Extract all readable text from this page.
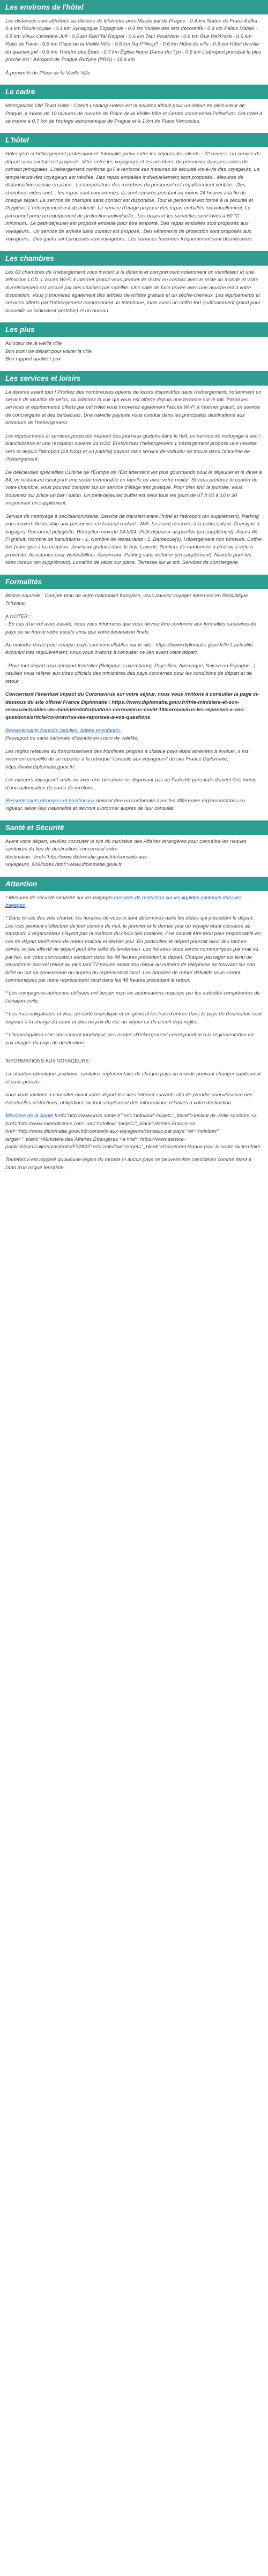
Les environs de l'hôtel

Les distances sont affichées au dixième de kilomètre près Musée juif de Prague - 0.4 km Statue de Franz Kafka - 0.4 km Roule-royale - 0.4 km Synagogue Espagnole - 0.4 km Musée des arts décoratifs - 0.4 km Palais Maisel - 0.5 km Vieux Cimetière Juif - 0.5 km Rien'Tal Rappel - 0.6 km Tour Poudrière - 0.6 km Rue Pa?i?ská - 0.6 km Ratio de l'ame - 0.6 km Place de la Vieille-Ville - 0.6 km Na P?íkop? - 0.6 km Hôtel de ville - 0.6 km Hôtel de ville du quartier juif - 0.6 km Théâtre des États - 0.7 km Église Notre-Dame-du-Týn - 0.6 km L'aéroport principal le plus proche est : Aéroport de Prague Ruzyne (PRG) - 16.9 km

À proximité de Place de la Vieille Ville

Le cadre

Metropolitan Old Town Hotel - Czech Leading Hotels est la solution idéale pour un séjour en plein cœur de Prague, à moins de 10 minutes de marche de Place de la Vieille-Ville et Centre commercial Palladium. Cet hôtel 4 se trouve à 0,7 km de Horloge astronomique de Prague et à 1 km de Place Venceslas.

L'hôtel

Hôtel géré et hébergement professionnel. Intervalle prévu entre les séjours des clients - 72 heures. Un service de départ sans contact est proposé.. Vitre entre les voyageurs et les membres du personnel dans les zones de contact principales. L'hébergement confirme qu'il a renforcé ses mesures de sécurité vis-à-vis des voyageurs. La température des voyageurs est vérifiée. Des repas emballés individuellement sont proposés.. Mesures de distanciation sociale en place.. La température des membres du personnel est régulièrement vérifiée.. Des chambres vides sont... les repas sont consommés, ils sont séparés pendant au moins 24 heures à la fin de chaque séjour. Le service de chambre sans contact est disponible. Tout le personnel est formé à la sécurité et l'hygiène. L'hébergement est désinfecté. Le service d'étage propose des repas emballés individuellement. Le personnel porte un équipement de protection individuelle.. Les draps et les serviettes sont lavés à 60 °C minimum.. Le petit-déjeuner est proposé emballé pour être emporté. Des repas emballés sont proposés aux voyageurs.. Un service de arrivée sans contact est proposé.. Des vêtements de protection sont proposés aux voyageurs.. Des gants sont proposés aux voyageurs.. Les surfaces touchées fréquemment sont désinfectées.

Les chambres

Les 63 chambres de l'hébergement vous invitent à la détente et comprennent notamment un ventilateur et une télévision LCD. L'accès Wi-Fi à Internet gratuit vous permet de rester en contact avec le reste du monde et votre divertissement est assuré par des chaînes par satellite. Une salle de bain privée avec une douche est à votre disposition. Vous y trouverez également des articles de toilette gratuits et un sèche-cheveux. Les équipements et services offerts par l'hébergement comprennent un téléphone, mais aussi un coffre-fort (suffisamment grand pour accueillir un ordinateur portable) et un bureau.

Les plus
Au cœur de la vieille ville
Bon point de départ pour visiter la ville
Bon rapport qualité / prix
Les services et loisirs

La détente avant tout ! Profitez des nombreuses options de loisirs disponibles dans l'hébergement, notamment un service de location de vélos, ou admirez la vue qui vous est offerte depuis une terrasse sur le toit. Parmi les services et équipements offerts par cet hôtel vous trouverez également l'accès Wi-Fi à Internet gratuit, un service de conciergerie et des barbecues. Une navette payante vous conduit dans les principales destinations aux alentours de l'hébergement.

Les équipements et services proposés incluent des journaux gratuits dans le hall, un service de nettoyage à sec / blanchisserie et une réception ouverte 24 h/24. Enrichissez l'hébergement. L'hébergement propose une navette vers et depuis l'aéroport (24 h/24) et un parking payant sans service de voiturier se trouve dans l'enceinte de l'hébergement.

De délicieuses spécialités Cuisine de l'Europe de l'Est attendent les plus gourmands pour le déjeuner et le dîner à 84, un restaurant idéal pour une sortie mémorable en famille ou avec votre moitié. Si vous préférez le confort de votre chambre, vous pourrez compter sur un service d'étage très pratique. Pour bien finir la journée, vous trouverez sur place un bar / salon. Un petit-déjeuner buffet est servi tous les jours de 07 h 00 à 10 h 30 moyennant un supplément.

Service de nettoyage à sec/blanchisserie. Service de transfert entre l'hôtel et l'aéroport (en supplément). Parking non couvert. Accessible aux personnes en fauteuil roulant - N/A. Les sont réservés à la petite enfant. Consigne à bagages. Personnel polyglotte. Réception ouverte 24 h/24. Petit-déjeuner disponible (en supplément). Accès Wi-Fi gratuit. Nombre de bars/salons - 1. Nombre de restaurants - 1. Barbecue(s). Hébergement non fumeurs. Coffre-fort (consigne à la réception. Journaux gratuits dans le hall. Laverie. Sentiers de randonnée à pied ou à vélo à proximité. Assistance pour visites/billets. Ascenseur. Parking sans voiturier (en supplément). Navette pour les sites locaux (en supplément). Location de vélos sur place. Terrasse sur le toit. Services de conciergerie.

Formalités

Bonne nouvelle : Compte tenu de votre nationalité française, vous pouvez voyager librement en République Tchèque.

A NOTER :

- En cas d'un vol avec escale, nous vous informons que vous devrez être conforme aux formalités sanitaires du pays où se trouve votre escale ainsi que votre destination finale.

Au moindre doute pour chaque pays sont consultables sur le site : https://www.diplomatie.gouv.fr/fr/ L'actualité évoluant très régulièrement, nous vous invitons à consulter ce lien avant votre départ.

- Pour tout départ d'un aéroport frontalier (Belgique, Luxembourg, Pays-Bas, Allemagne, Suisse ou Espagne...), veuillez vous référer aux titres officiels des ministères des pays concernés pour les conditions de départ et de retour.

Concernant l'éventuel impact du Coronavirus sur votre séjour, nous vous invitons à consulter la page ci-dessous du site officiel France Diplomatie : https://www.diplomatie.gouv.fr/fr/le-ministere-et-son-reseau/actualites-du-ministere/informations-coronavirus-covid-19/coronavirus-les-reponses-a-vos-questions/article/coronavirus-les-reponses-a-vos-questions

Ressortissants français (adultes, bébés et enfants) :
Passeport ou carte nationale d'identité en cours de validité.

Les règles relatives au franchissement des frontières propres à chaque pays étant amenées à évoluer, il est vivement conseillé de se reporter à la rubrique "conseils aux voyageurs" du site France Diplomatie, https://www.diplomatie.gouv.fr/.

Les mineurs voyageant seuls ou avec une personne ne disposant pas de l'autorité parentale doivent être munis d'une autorisation de sortie de territoire.

Ressortissants étrangers et binationaux doivent être en conformité avec les différentes réglementations en vigueur, selon leur nationalité et devront s'informer auprès de leur consulat.

Santé et Sécurité

Avant votre départ, veuillez consulter le site du ministère des Affaires étrangères pour connaître les risques sanitaires du lieu de destination, concernant votre
destination : href="http://www.diplomatie.gouv.fr/fr/conseils-aux-voyageurs_909/index.html">www.diplomatie.gouv.fr

Attention

* Mesures de sécurité sanitaire sur les bagages mesures de restriction sur les liquides contenus dans les bagages

* Dans le cas des vols charter, les horaires de vous-ci sont déterminés dans les délais qui précèdent le départ. Les vols peuvent s'effectuer de jour comme de nuit, le premier et le dernier jour du voyage étant consacré au transport. L'organisateur n'ayant pas la maîtrise du choix des horaires, il ne saurait être tenu pour responsable en cas de départ tardif et/ou de retour matinal et dernier jour. En particulier, le départ pourrait avoir lieu tard en soirée, le taxi effectif ne départ peut être celle du lendemain. Les horaires vous seront communiqués par mail ou par fax, sur votre convocation aéroport dans les 48 heures précédent le départ. Chaque passager est tenu de reconfirmer son vol retour au plus tard 72 heures avant son retour au numéro de téléphone se trouvant sur son billet ou sur sa convocation ou auprès du représentant local. Les horaires de retour définitifs vous seront communiqués par notre représentant local dans les 48 heures précédant le retour.

* Les compagnies aériennes utilisées ont besoin reçu les autorisations requises par les autorités compétentes de l'aviation civile.

* Les trais obligatoires et visa, de carte touristique et en général les frais d'entrée dans le pays de destination sont toujours à la charge du client et plus du prix du vol, du séjour ou du circuit déjà réglés.

* L'homologation et le classement touristique des modes d'hébergement correspondent à la réglementation ou aux usages du pays de destination.

INFORMATIONS AUX VOYAGEURS :

La situation climatique, politique, sanitaire, réglementaire de chaque pays du monde pouvant changer subitement et sans préavis.

nous vous invitons à consulter avant votre départ les sites Internet suivants afin de prendre connaissance des éventuelles restrictions, obligations ou tout simplement des informations relatives à votre destination.

Ministère de la Santé href="http://www.invs.sante.fr" rel="nofollow" target="_blank">Institut de veille sanitaire <a href="http://www.meteofrance.com" rel="nofollow" target="_blank">Météo France <a href="http://www.diplomatie.gouv.fr/fr/conseils-aux-voyageurs/conseils-par-pays" rel="nofollow" target="_blank">Ministère des Affaires Étrangères <a href="https://www.service-public.fr/particuliers/vosdroits/F32833" rel="nofollow" target="_blank">Document légaux pour la sortie du territoire.

Toutefois il est rappelé qu'aucune région du monde ni aucun pays ne peuvent être considérés comme étant à l'abri d'un risque terroriste.
